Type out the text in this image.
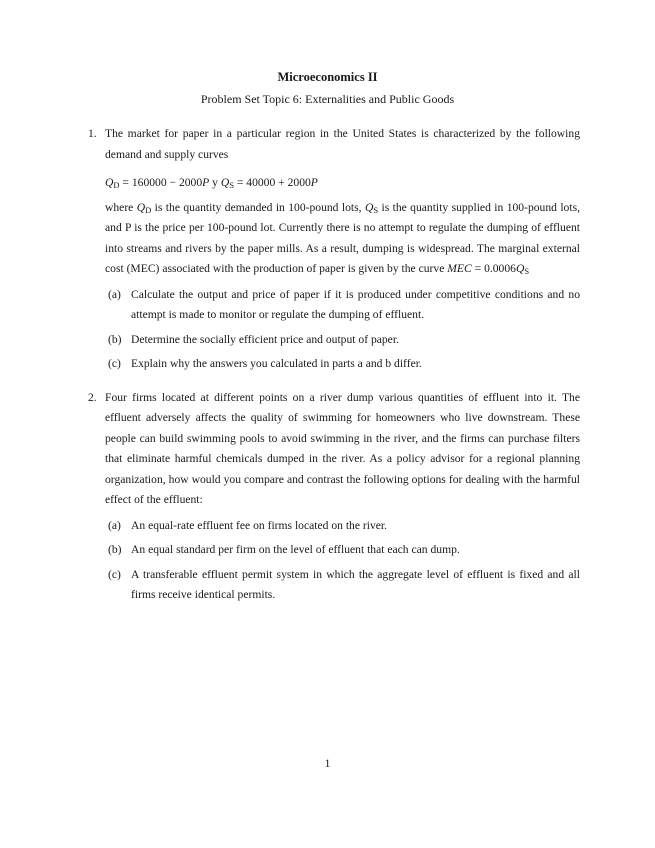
Microeconomics II
Problem Set Topic 6: Externalities and Public Goods
1. The market for paper in a particular region in the United States is characterized by the following demand and supply curves

$Q_D = 160000 - 2000P$ y $Q_S = 40000 + 2000P$

where $Q_D$ is the quantity demanded in 100-pound lots, $Q_S$ is the quantity supplied in 100-pound lots, and P is the price per 100-pound lot. Currently there is no attempt to regulate the dumping of effluent into streams and rivers by the paper mills. As a result, dumping is widespread. The marginal external cost (MEC) associated with the production of paper is given by the curve MEC = $0.0006Q_S$

(a) Calculate the output and price of paper if it is produced under competitive conditions and no attempt is made to monitor or regulate the dumping of effluent.

(b) Determine the socially efficient price and output of paper.

(c) Explain why the answers you calculated in parts a and b differ.

2. Four firms located at different points on a river dump various quantities of effluent into it. The effluent adversely affects the quality of swimming for homeowners who live downstream. These people can build swimming pools to avoid swimming in the river, and the firms can purchase filters that eliminate harmful chemicals dumped in the river. As a policy advisor for a regional planning organization, how would you compare and contrast the following options for dealing with the harmful effect of the effluent:

(a) An equal-rate effluent fee on firms located on the river.

(b) An equal standard per firm on the level of effluent that each can dump.

(c) A transferable effluent permit system in which the aggregate level of effluent is fixed and all firms receive identical permits.

1
